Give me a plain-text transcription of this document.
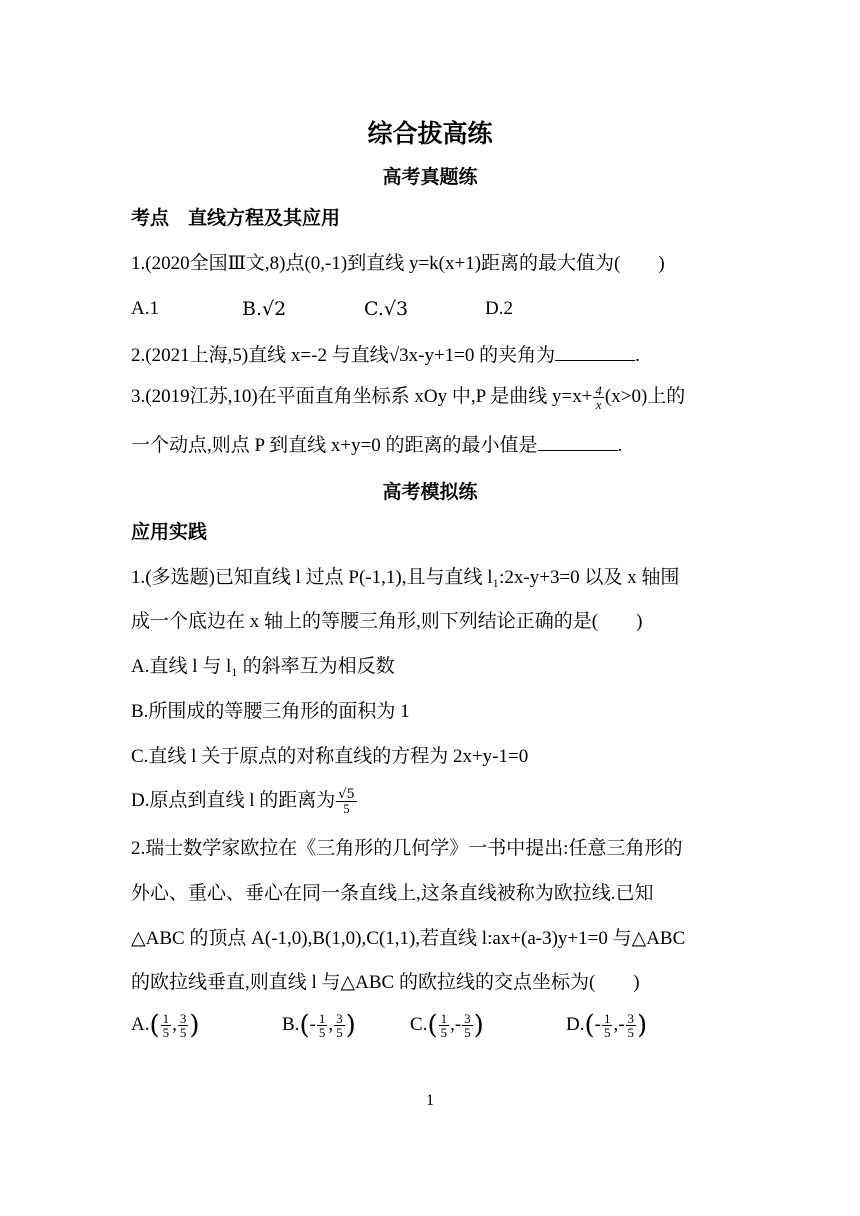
综合拔高练
高考真题练
考点　直线方程及其应用
1.(2020全国Ⅲ文,8)点(0,-1)到直线 y=k(x+1)距离的最大值为(　　)
A.1	B.√2	C.√3	D.2
2.(2021上海,5)直线 x=-2 与直线√3x-y+1=0 的夹角为	.
3.(2019江苏,10)在平面直角坐标系 xOy 中,P 是曲线 $y=x+ \frac{4}{x} (x>0)$上的
一个动点,则点 P 到直线 x+y=0 的距离的最小值是	.
高考模拟练
应用实践
1.(多选题)已知直线 l 过点 P(-1,1),且与直线 l₁:2x-y+3=0 以及 x 轴围
成一个底边在 x 轴上的等腰三角形,则下列结论正确的是(　　)
A.直线 l 与 l₁ 的斜率互为相反数
B.所围成的等腰三角形的面积为 1
C.直线 l 关于原点的对称直线的方程为 2x+y-1=0
D.原点到直线 l 的距离为 $\frac{√5}{5}$
2.瑞士数学家欧拉在《三角形的几何学》一书中提出:任意三角形的
外心、重心、垂心在同一条直线上,这条直线被称为欧拉线.已知
△ABC 的顶点 A(-1,0),B(1,0),C(1,1),若直线 l:ax+(a-3)y+1=0 与△ABC
的欧拉线垂直,则直线 l 与△ABC 的欧拉线的交点坐标为(　　)
$A.( \frac{1}{5}$ , $\frac{3}{5}$ )	$B.(- \frac{1}{5}$ , $\frac{3}{5}$ )	$C.( \frac{1}{5}$ ,- $\frac{3}{5}$ )	$D.(- \frac{1}{5}$ ,- $\frac{3}{5}$ )
1
